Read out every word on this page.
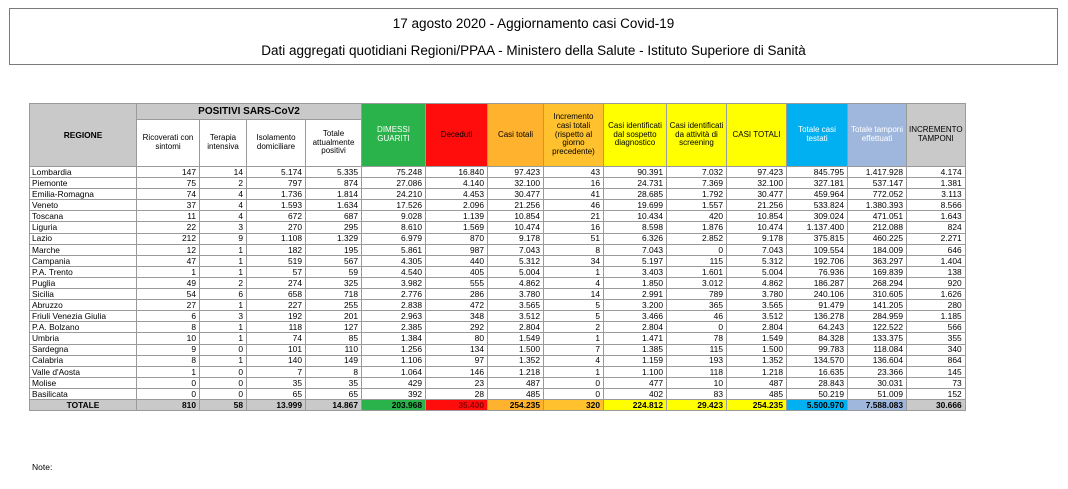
17 agosto 2020 - Aggiornamento casi Covid-19
Dati aggregati quotidiani Regioni/PPAA - Ministero della Salute - Istituto Superiore di Sanità
REGIONE	POSITIVI SARS-CoV2				DIMESSI GUARITI	Deceduti	Casi totali	Incremento casi totali (rispetto al giorno precedente)	Casi identificati dal sospetto diagnostico	Casi identificati da attività di screening	CASI TOTALI	Totale casi testati	Totale tamponi effettuati	INCREMENTO TAMPONI
	Ricoverati con sintomi	Terapia intensiva	Isolamento domiciliare	Totale attualmente positivi										
Lombardia	147	14	5.174	5.335	75.248	16.840	97.423	43	90.391	7.032	97.423	845.795	1.417.928	4.174
Piemonte	75	2	797	874	27.086	4.140	32.100	16	24.731	7.369	32.100	327.181	537.147	1.381
Emilia-Romagna	74	4	1.736	1.814	24.210	4.453	30.477	41	28.685	1.792	30.477	459.964	772.052	3.113
Veneto	37	4	1.593	1.634	17.526	2.096	21.256	46	19.699	1.557	21.256	533.824	1.380.393	8.566
Toscana	11	4	672	687	9.028	1.139	10.854	21	10.434	420	10.854	309.024	471.051	1.643
Liguria	22	3	270	295	8.610	1.569	10.474	16	8.598	1.876	10.474	1.137.400	212.088	824
Lazio	212	9	1.108	1.329	6.979	870	9.178	51	6.326	2.852	9.178	375.815	460.225	2.271
Marche	12	1	182	195	5.861	987	7.043	8	7.043	0	7.043	109.554	184.009	646
Campania	47	1	519	567	4.305	440	5.312	34	5.197	115	5.312	192.706	363.297	1.404
P.A. Trento	1	1	57	59	4.540	405	5.004	1	3.403	1.601	5.004	76.936	169.839	138
Puglia	49	2	274	325	3.982	555	4.862	4	1.850	3.012	4.862	186.287	268.294	920
Sicilia	54	6	658	718	2.776	286	3.780	14	2.991	789	3.780	240.106	310.605	1.626
Abruzzo	27	1	227	255	2.838	472	3.565	5	3.200	365	3.565	91.479	141.205	280
Friuli Venezia Giulia	6	3	192	201	2.963	348	3.512	5	3.466	46	3.512	136.278	284.959	1.185
P.A. Bolzano	8	1	118	127	2.385	292	2.804	2	2.804	0	2.804	64.243	122.522	566
Umbria	10	1	74	85	1.384	80	1.549	1	1.471	78	1.549	84.328	133.375	355
Sardegna	9	0	101	110	1.256	134	1.500	7	1.385	115	1.500	99.783	118.084	340
Calabria	8	1	140	149	1.106	97	1.352	4	1.159	193	1.352	134.570	136.604	864
Valle d'Aosta	1	0	7	8	1.064	146	1.218	1	1.100	118	1.218	16.635	23.366	145
Molise	0	0	35	35	429	23	487	0	477	10	487	28.843	30.031	73
Basilicata	0	0	65	65	392	28	485	0	402	83	485	50.219	51.009	152
TOTALE	810	58	13.999	14.867	203.968	35.400	254.235	320	224.812	29.423	254.235	5.500.970	7.588.083	30.666
Note:
